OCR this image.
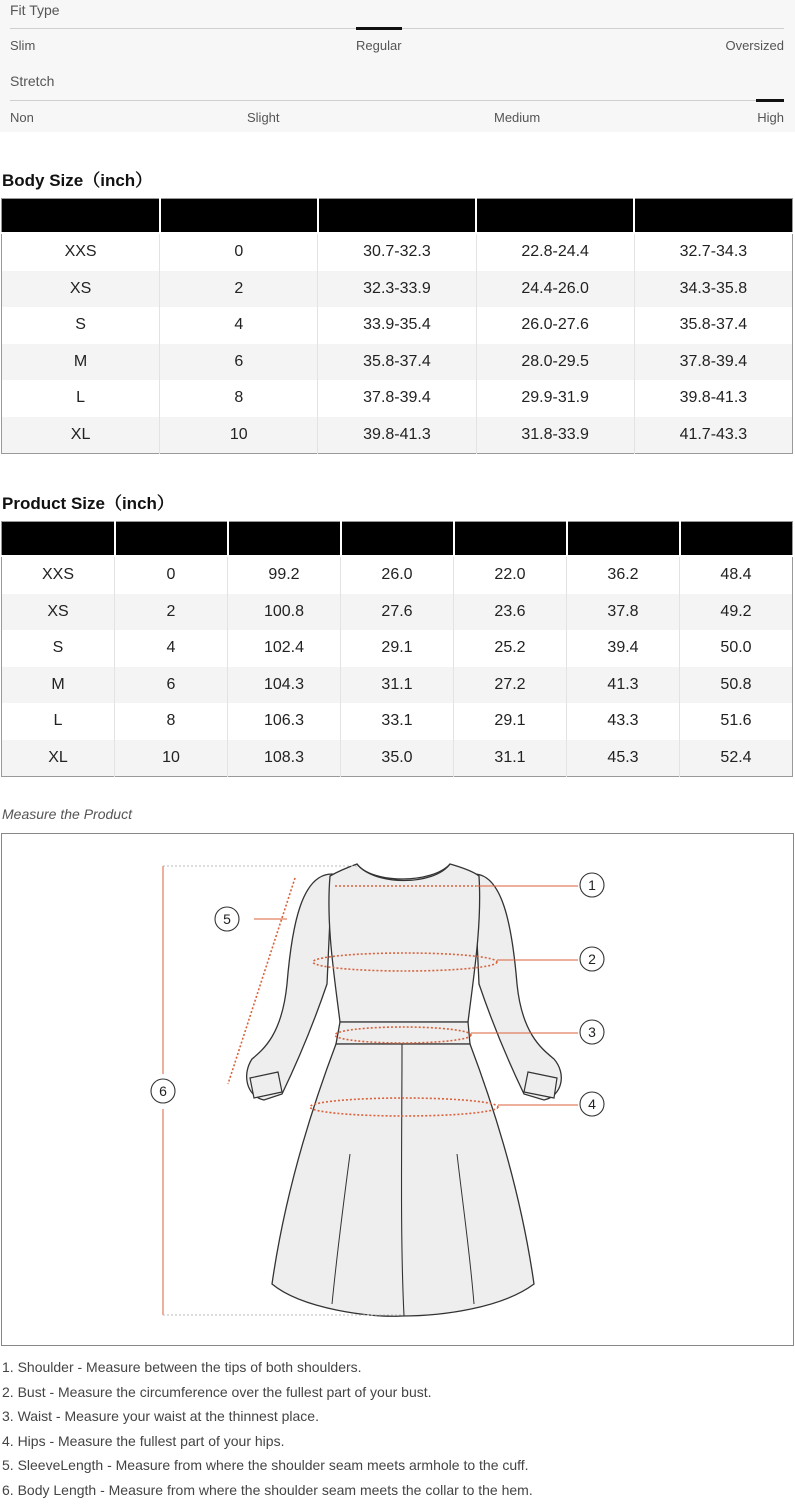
Fit Type
Slim	Regular	Oversized
Stretch
Non	Slight	Medium	High
Body Size（inch）

XXS	0	30.7-32.3	22.8-24.4	32.7-34.3
XS	2	32.3-33.9	24.4-26.0	34.3-35.8
S	4	33.9-35.4	26.0-27.6	35.8-37.4
M	6	35.8-37.4	28.0-29.5	37.8-39.4
L	8	37.8-39.4	29.9-31.9	39.8-41.3
XL	10	39.8-41.3	31.8-33.9	41.7-43.3
Product Size（inch）

XXS	0	99.2	26.0	22.0	36.2	48.4
XS	2	100.8	27.6	23.6	37.8	49.2
S	4	102.4	29.1	25.2	39.4	50.0
M	6	104.3	31.1	27.2	41.3	50.8
L	8	106.3	33.1	29.1	43.3	51.6
XL	10	108.3	35.0	31.1	45.3	52.4
Measure the Product
1
2
3
4
5
6
1. Shoulder - Measure between the tips of both shoulders.
2. Bust - Measure the circumference over the fullest part of your bust.
3. Waist - Measure your waist at the thinnest place.
4. Hips - Measure the fullest part of your hips.
5. SleeveLength - Measure from where the shoulder seam meets armhole to the cuff.
6. Body Length - Measure from where the shoulder seam meets the collar to the hem.
